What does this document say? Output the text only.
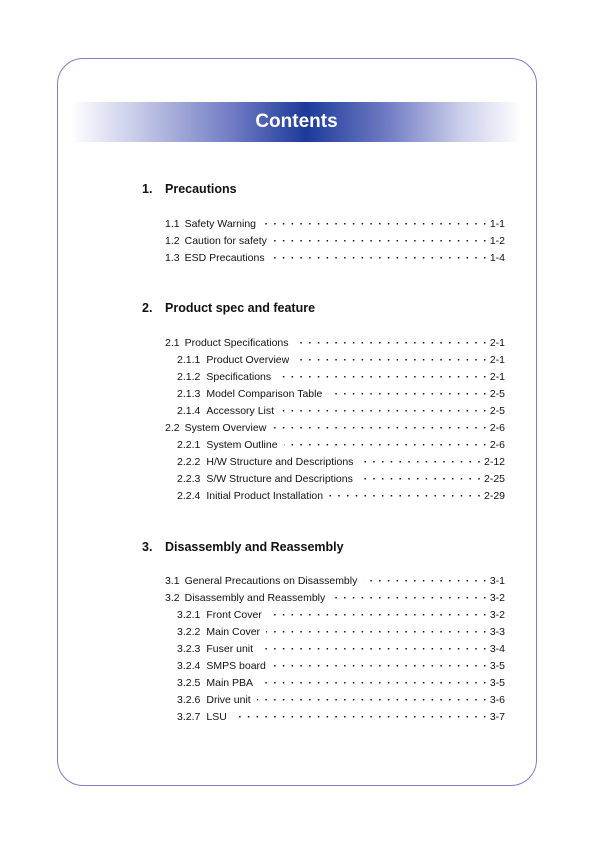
Contents
1. Precautions
1.1 Safety Warning · · ·	1-1
1.2 Caution for safety · · ·	1-2
1.3 ESD Precautions · · ·	1-4
2. Product spec and feature
2.1 Product Specifications · · ·	2-1
2.1.1 Product Overview · · ·	2-1
2.1.2 Specifications · · ·	2-1
2.1.3 Model Comparison Table · · ·	2-5
2.1.4 Accessory List · · ·	2-5
2.2 System Overview · · ·	2-6
2.2.1 System Outline · · ·	2-6
2.2.2 H/W Structure and Descriptions · · ·	2-12
2.2.3 S/W Structure and Descriptions · · ·	2-25
2.2.4 Initial Product Installation · · ·	2-29
3. Disassembly and Reassembly
3.1 General Precautions on Disassembly · · ·	3-1
3.2 Disassembly and Reassembly · · ·	3-2
3.2.1 Front Cover · · ·	3-2
3.2.2 Main Cover · · ·	3-3
3.2.3 Fuser unit · · ·	3-4
3.2.4 SMPS board · · ·	3-5
3.2.5 Main PBA · · ·	3-5
3.2.6 Drive unit · · ·	3-6
3.2.7 LSU · · ·	3-7
